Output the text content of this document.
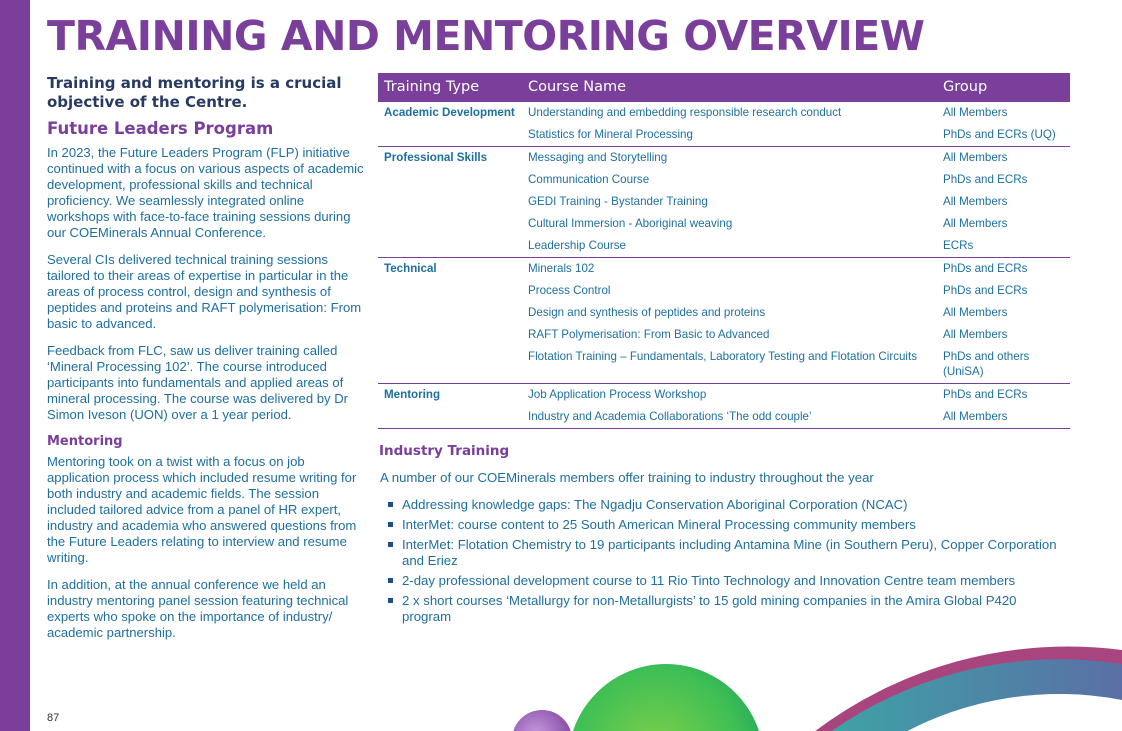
TRAINING AND MENTORING OVERVIEW

Training and mentoring is a crucial objective of the Centre.

Future Leaders Program

In 2023, the Future Leaders Program (FLP) initiative continued with a focus on various aspects of academic development, professional skills and technical proficiency. We seamlessly integrated online workshops with face-to-face training sessions during our COEMinerals Annual Conference.

Several CIs delivered technical training sessions tailored to their areas of expertise in particular in the areas of process control, design and synthesis of peptides and proteins and RAFT polymerisation: From basic to advanced.

Feedback from FLC, saw us deliver training called ‘Mineral Processing 102’. The course introduced participants into fundamentals and applied areas of mineral processing. The course was delivered by Dr Simon Iveson (UON) over a 1 year period.

Mentoring

Mentoring took on a twist with a focus on job application process which included resume writing for both industry and academic fields. The session included tailored advice from a panel of HR expert, industry and academia who answered questions from the Future Leaders relating to interview and resume writing.

In addition, at the annual conference we held an industry mentoring panel session featuring technical experts who spoke on the importance of industry/ academic partnership.

Training Type	Course Name	Group
Academic Development	Understanding and embedding responsible research conduct	All Members
	Statistics for Mineral Processing	PhDs and ECRs (UQ)
Professional Skills	Messaging and Storytelling	All Members
	Communication Course	PhDs and ECRs
	GEDI Training - Bystander Training	All Members
	Cultural Immersion - Aboriginal weaving	All Members
	Leadership Course	ECRs
Technical	Minerals 102	PhDs and ECRs
	Process Control	PhDs and ECRs
	Design and synthesis of peptides and proteins	All Members
	RAFT Polymerisation: From Basic to Advanced	All Members
	Flotation Training – Fundamentals, Laboratory Testing and Flotation Circuits	PhDs and others (UniSA)
Mentoring	Job Application Process Workshop	PhDs and ECRs
	Industry and Academia Collaborations ‘The odd couple’	All Members
Industry Training

A number of our COEMinerals members offer training to industry throughout the year

Addressing knowledge gaps: The Ngadju Conservation Aboriginal Corporation (NCAC)
InterMet: course content to 25 South American Mineral Processing community members
InterMet: Flotation Chemistry to 19 participants including Antamina Mine (in Southern Peru), Copper Corporation and Eriez
2-day professional development course to 11 Rio Tinto Technology and Innovation Centre team members
2 x short courses ‘Metallurgy for non-Metallurgists’ to 15 gold mining companies in the Amira Global P420 program
87
